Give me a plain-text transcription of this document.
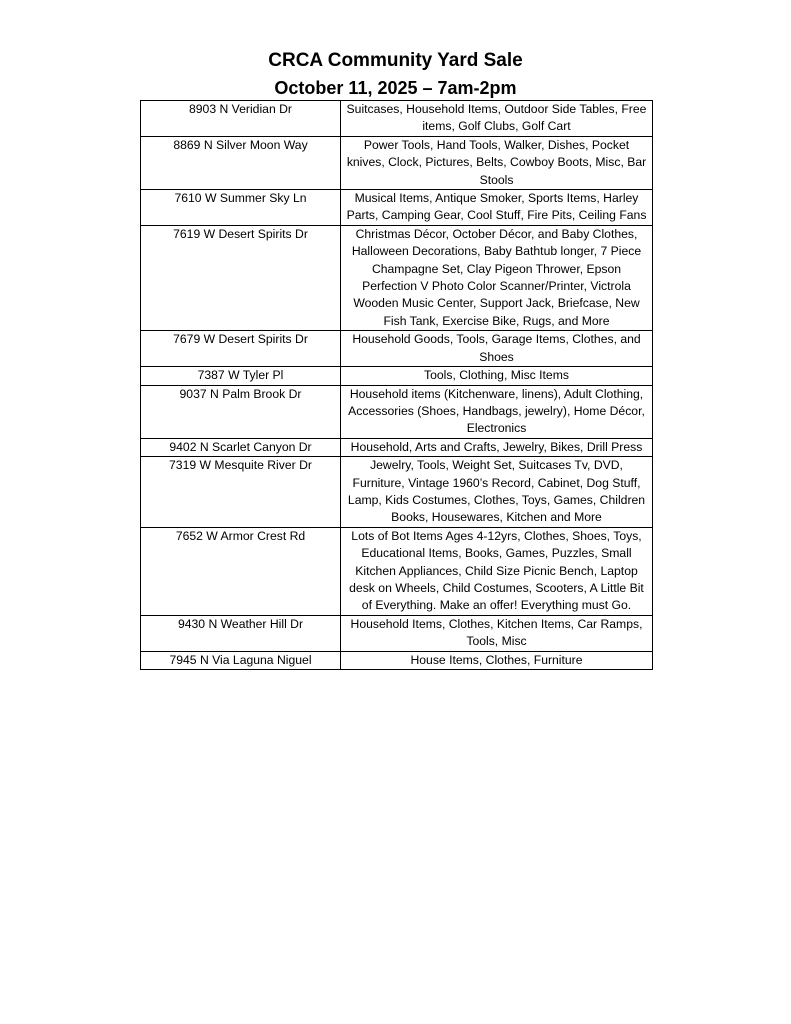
CRCA Community Yard Sale
October 11, 2025 – 7am-2pm
8903 N Veridian Dr	Suitcases, Household Items, Outdoor Side Tables, Free items, Golf Clubs, Golf Cart
8869 N Silver Moon Way	Power Tools, Hand Tools, Walker, Dishes, Pocket knives, Clock, Pictures, Belts, Cowboy Boots, Misc, Bar Stools
7610 W Summer Sky Ln	Musical Items, Antique Smoker, Sports Items, Harley Parts, Camping Gear, Cool Stuff, Fire Pits, Ceiling Fans
7619 W Desert Spirits Dr	Christmas Décor, October Décor, and Baby Clothes, Halloween Decorations, Baby Bathtub longer, 7 Piece Champagne Set, Clay Pigeon Thrower, Epson Perfection V Photo Color Scanner/Printer, Victrola Wooden Music Center, Support Jack, Briefcase, New Fish Tank, Exercise Bike, Rugs, and More
7679 W Desert Spirits Dr	Household Goods, Tools, Garage Items, Clothes, and Shoes
7387 W Tyler Pl	Tools, Clothing, Misc Items
9037 N Palm Brook Dr	Household items (Kitchenware, linens), Adult Clothing, Accessories (Shoes, Handbags, jewelry), Home Décor, Electronics
9402 N Scarlet Canyon Dr	Household, Arts and Crafts, Jewelry, Bikes, Drill Press
7319 W Mesquite River Dr	Jewelry, Tools, Weight Set, Suitcases Tv, DVD, Furniture, Vintage 1960’s Record, Cabinet, Dog Stuff, Lamp, Kids Costumes, Clothes, Toys, Games, Children Books, Housewares, Kitchen and More
7652 W Armor Crest Rd	Lots of Bot Items Ages 4-12yrs, Clothes, Shoes, Toys, Educational Items, Books, Games, Puzzles, Small Kitchen Appliances, Child Size Picnic Bench, Laptop desk on Wheels, Child Costumes, Scooters, A Little Bit of Everything. Make an offer! Everything must Go.
9430 N Weather Hill Dr	Household Items, Clothes, Kitchen Items, Car Ramps, Tools, Misc
7945 N Via Laguna Niguel	House Items, Clothes, Furniture
